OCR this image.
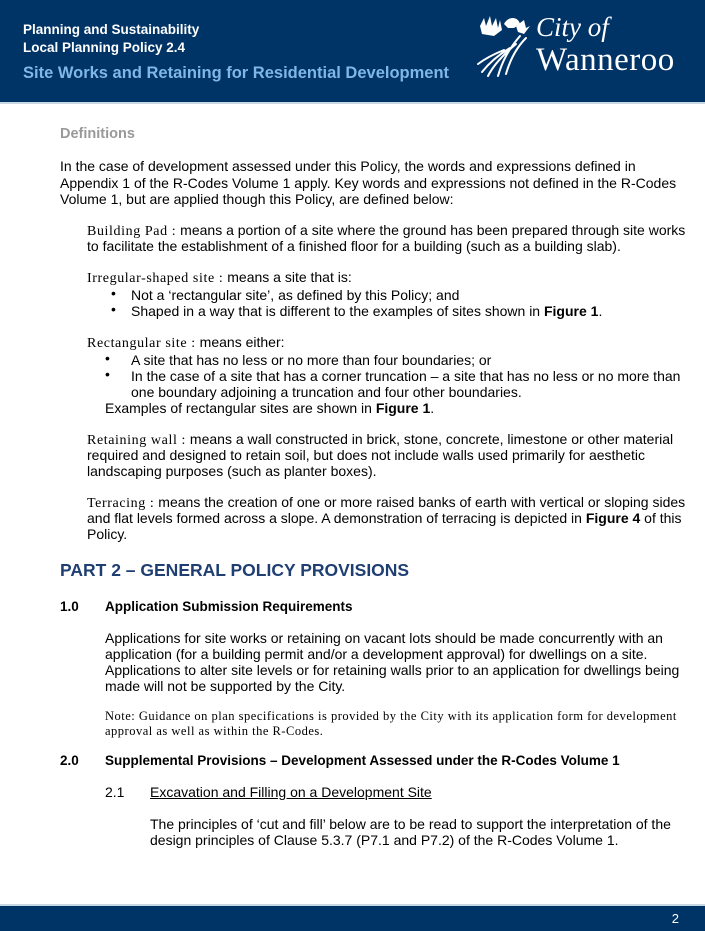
Planning and Sustainability
Local Planning Policy 2.4
Site Works and Retaining for Residential Development
City of
Wanneroo
Definitions
In the case of development assessed under this Policy, the words and expressions defined in
Appendix 1 of the R-Codes Volume 1 apply. Key words and expressions not defined in the R-Codes
Volume 1, but are applied though this Policy, are defined below:
Building Pad : means a portion of a site where the ground has been prepared through site works
to facilitate the establishment of a finished floor for a building (such as a building slab).
Irregular-shaped site : means a site that is:
• Not a ‘rectangular site’, as defined by this Policy; and
• Shaped in a way that is different to the examples of sites shown in Figure 1.
Rectangular site : means either:
• A site that has no less or no more than four boundaries; or
• In the case of a site that has a corner truncation – a site that has no less or no more than
one boundary adjoining a truncation and four other boundaries.
Examples of rectangular sites are shown in Figure 1.
Retaining wall : means a wall constructed in brick, stone, concrete, limestone or other material
required and designed to retain soil, but does not include walls used primarily for aesthetic
landscaping purposes (such as planter boxes).
Terracing : means the creation of one or more raised banks of earth with vertical or sloping sides
and flat levels formed across a slope. A demonstration of terracing is depicted in Figure 4 of this
Policy.
PART 2 – GENERAL POLICY PROVISIONS
1.0 Application Submission Requirements
Applications for site works or retaining on vacant lots should be made concurrently with an
application (for a building permit and/or a development approval) for dwellings on a site.
Applications to alter site levels or for retaining walls prior to an application for dwellings being
made will not be supported by the City.
Note: Guidance on plan specifications is provided by the City with its application form for development
approval as well as within the R-Codes.
2.0 Supplemental Provisions – Development Assessed under the R-Codes Volume 1
2.1 Excavation and Filling on a Development Site
The principles of ‘cut and fill’ below are to be read to support the interpretation of the
design principles of Clause 5.3.7 (P7.1 and P7.2) of the R-Codes Volume 1.
2
